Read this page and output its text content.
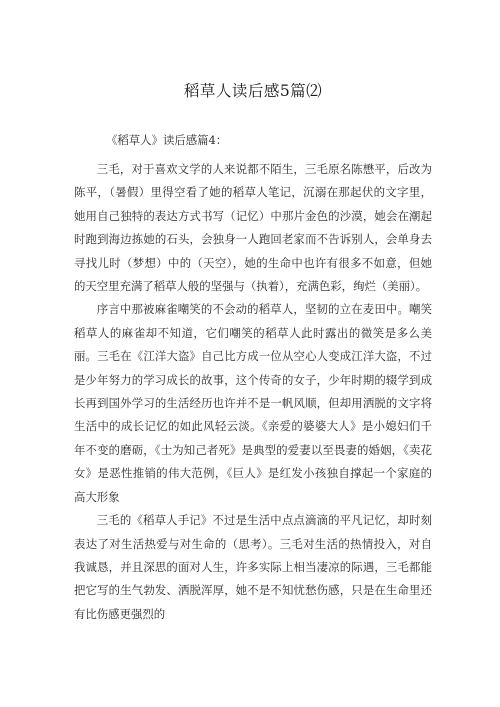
稻草人读后感5篇⑵

《稻草人》读后感篇4：

三毛，对于喜欢文学的人来说都不陌生，三毛原名陈懋平，后改为陈平，（暑假）里得空看了她的稻草人笔记，沉溺在那起伏的文字里，她用自己独特的表达方式书写（记忆）中那片金色的沙漠，她会在潮起时跑到海边拣她的石头，会独身一人跑回老家而不告诉别人，会单身去寻找儿时（梦想）中的（天空），她的生命中也许有很多不如意，但她的天空里充满了稻草人般的坚强与（执着），充满色彩，绚烂（美丽）。

序言中那被麻雀嘲笑的不会动的稻草人，坚韧的立在麦田中。嘲笑稻草人的麻雀却不知道，它们嘲笑的稻草人此时露出的微笑是多么美丽。三毛在《江洋大盗》自己比方成一位从空心人变成江洋大盗，不过是少年努力的学习成长的故事，这个传奇的女子，少年时期的辍学到成长再到国外学习的生活经历也许并不是一帆风顺，但却用洒脱的文字将生活中的成长记忆的如此风轻云淡。《亲爱的婆婆大人》是小媳妇们千年不变的磨砺，《士为知己者死》是典型的爱妻以至畏妻的婚姻，《卖花女》是恶性推销的伟大范例，《巨人》是红发小孩独自撑起一个家庭的高大形象

三毛的《稻草人手记》不过是生活中点点滴滴的平凡记忆，却时刻表达了对生活热爱与对生命的（思考）。三毛对生活的热情投入，对自我诚恳，并且深思的面对人生，许多实际上相当凄凉的际遇，三毛都能把它写的生气勃发、洒脱浑厚，她不是不知忧愁伤感，只是在生命里还有比伤感更强烈的
